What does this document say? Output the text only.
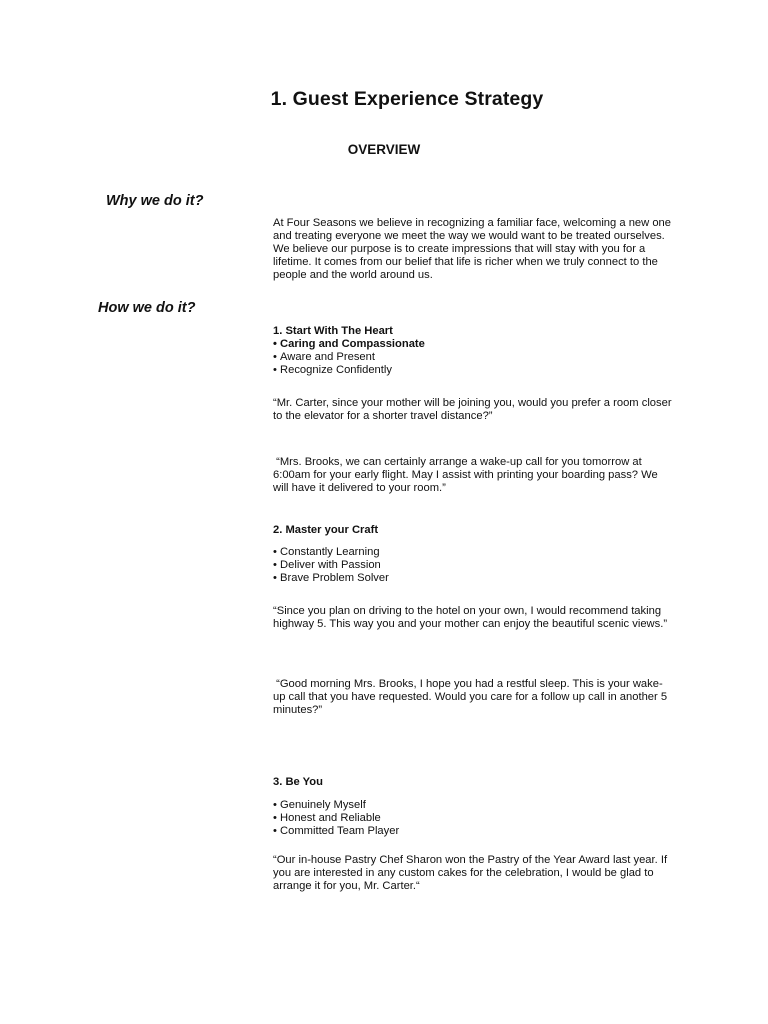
1. Guest Experience Strategy
OVERVIEW
Why we do it?

At Four Seasons we believe in recognizing a familiar face, welcoming a new one and treating everyone we meet the way we would want to be treated ourselves. We believe our purpose is to create impressions that will stay with you for a lifetime. It comes from our belief that life is richer when we truly connect to the people and the world around us.

How we do it?

1. Start With The Heart

• Caring and Compassionate
• Aware and Present
• Recognize Confidently

“Mr. Carter, since your mother will be joining you, would you prefer a room closer to the elevator for a shorter travel distance?”

“Mrs. Brooks, we can certainly arrange a wake-up call for you tomorrow at 6:00am for your early flight. May I assist with printing your boarding pass? We will have it delivered to your room.”

2. Master your Craft

• Constantly Learning
• Deliver with Passion
• Brave Problem Solver

“Since you plan on driving to the hotel on your own, I would recommend taking highway 5. This way you and your mother can enjoy the beautiful scenic views.”

“Good morning Mrs. Brooks, I hope you had a restful sleep. This is your wake-up call that you have requested. Would you care for a follow up call in another 5 minutes?”

3. Be You

• Genuinely Myself
• Honest and Reliable
• Committed Team Player

“Our in-house Pastry Chef Sharon won the Pastry of the Year Award last year. If you are interested in any custom cakes for the celebration, I would be glad to arrange it for you, Mr. Carter.“
